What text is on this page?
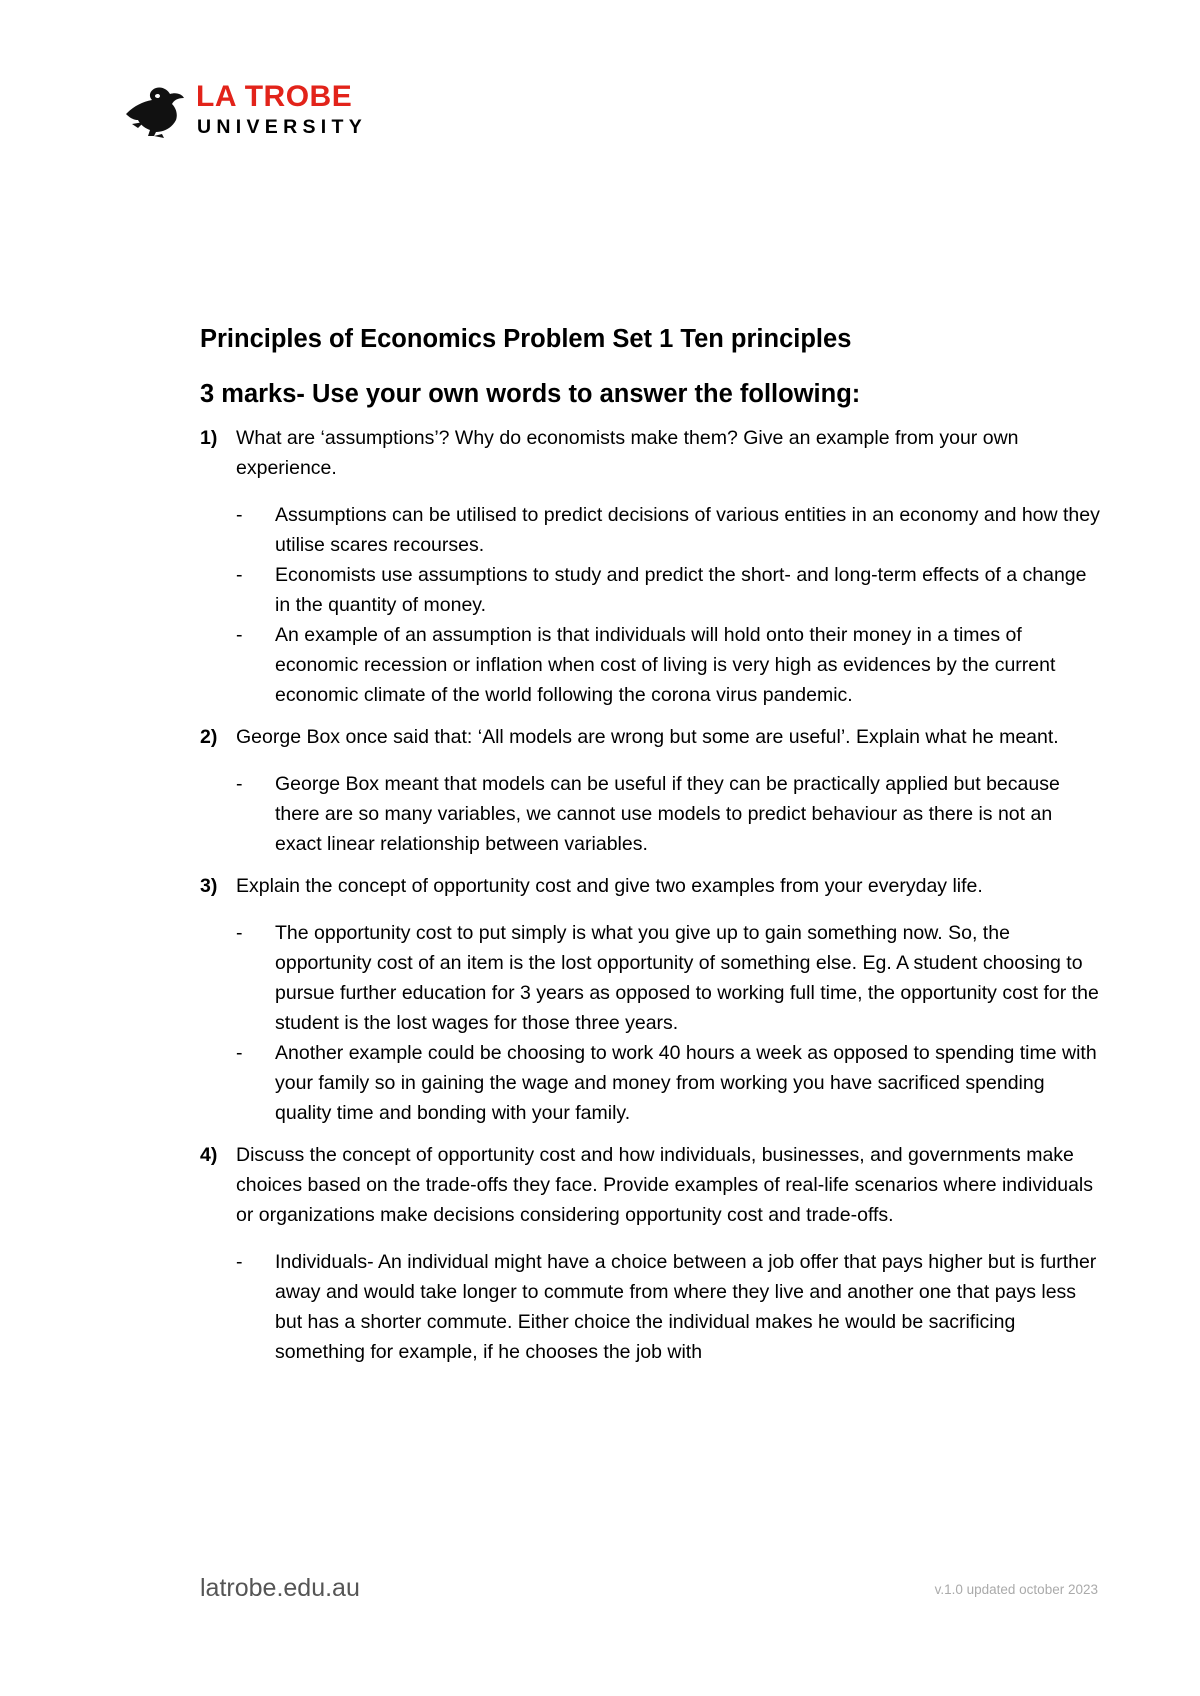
LA TROBE
UNIVERSITY
Principles of Economics Problem Set 1 Ten principles
3 marks- Use your own words to answer the following:

1) What are ‘assumptions’? Why do economists make them? Give an example from your own experience.

- Assumptions can be utilised to predict decisions of various entities in an economy and how they utilise scares recourses.
- Economists use assumptions to study and predict the short- and long-term effects of a change in the quantity of money.
- An example of an assumption is that individuals will hold onto their money in a times of economic recession or inflation when cost of living is very high as evidences by the current economic climate of the world following the corona virus pandemic.

2) George Box once said that: ‘All models are wrong but some are useful’. Explain what he meant.

- George Box meant that models can be useful if they can be practically applied but because there are so many variables, we cannot use models to predict behaviour as there is not an exact linear relationship between variables.

3) Explain the concept of opportunity cost and give two examples from your everyday life.

- The opportunity cost to put simply is what you give up to gain something now. So, the opportunity cost of an item is the lost opportunity of something else. Eg. A student choosing to pursue further education for 3 years as opposed to working full time, the opportunity cost for the student is the lost wages for those three years.
- Another example could be choosing to work 40 hours a week as opposed to spending time with your family so in gaining the wage and money from working you have sacrificed spending quality time and bonding with your family.

4) Discuss the concept of opportunity cost and how individuals, businesses, and governments make choices based on the trade-offs they face. Provide examples of real-life scenarios where individuals or organizations make decisions considering opportunity cost and trade-offs.

- Individuals- An individual might have a choice between a job offer that pays higher but is further away and would take longer to commute from where they live and another one that pays less but has a shorter commute. Either choice the individual makes he would be sacrificing something for example, if he chooses the job with
latrobe.edu.au	v.1.0 updated october 2023
